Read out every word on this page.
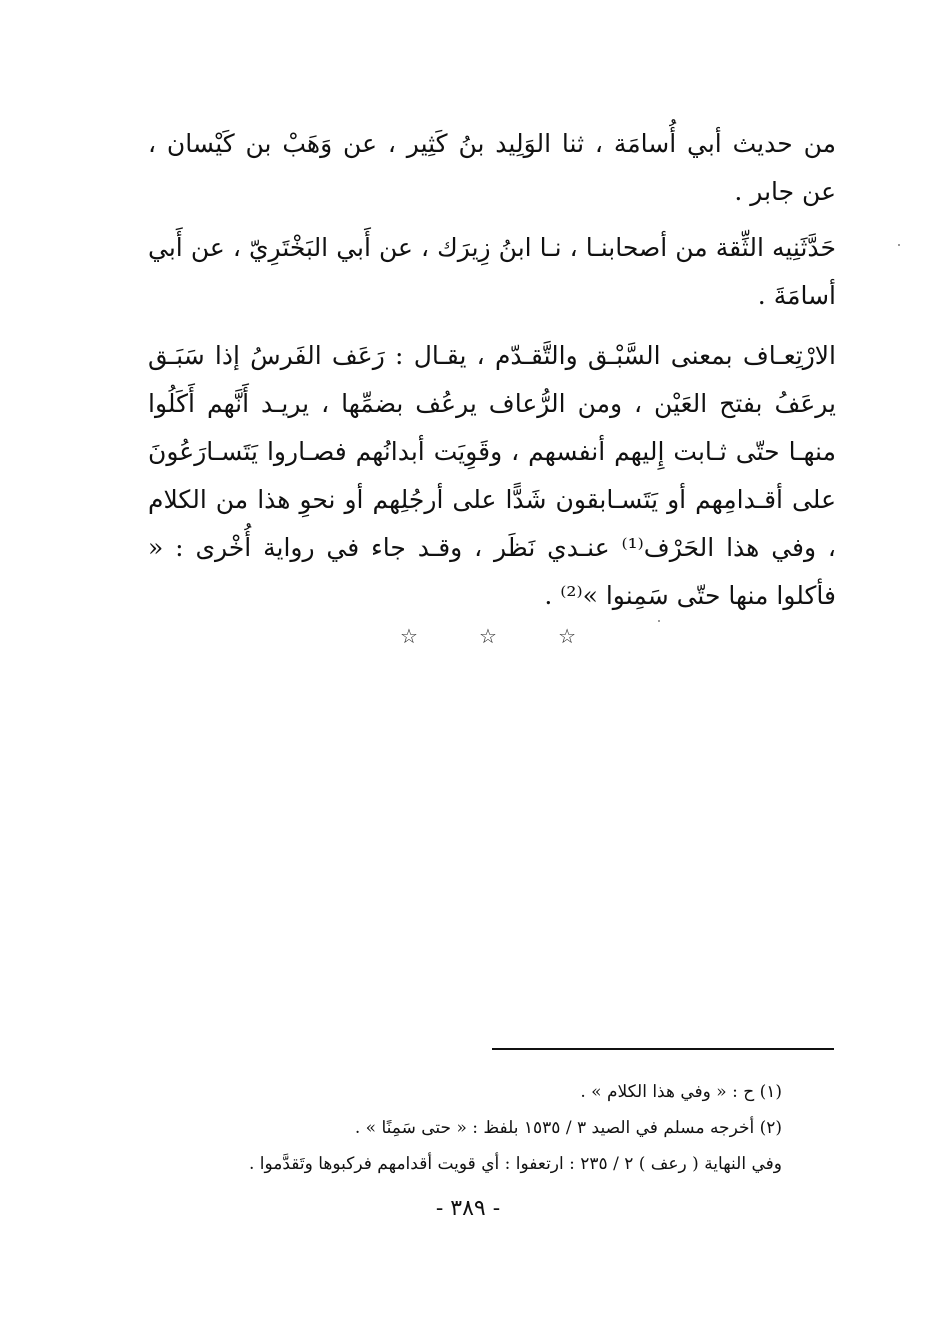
من حديث أبي أُسامَة ، ثنا الوَلِيد بنُ كَثِير ، عن وَهَبْ بن كَيْسان ، عن جابر .

حَدَّثَنِيه الثِّقة من أصحابنـا ، نـا ابنُ زِيرَك ، عن أَبي البَخْتَرِيّ ، عن أَبي أسامَةَ .

الارْتِعـاف بمعنى السَّبْـق والتَّقـدّم ، يقـال : رَعَف الفَرسُ إذا سَبَـق يرعَفُ بفتح العَيْن ، ومن الرُّعاف يرعُف بضمِّها ، يريـد أَنَّهم أَكَلُوا منهـا حتّى ثـابت إِليهم أنفسهم ، وقَوِيَت أبدانُهم فصـاروا يَتَسـارَعُونَ على أقـدامِهم أو يَتَسـابقون شَدًّا على أرجُلِهم أو نحوِ هذا من الكلام ، وفي هذا الحَرْف⁽¹⁾ عنـدي نَظَر ، وقـد جاء في رواية أُخْرى : « فأكلوا منها حتّى سَمِنوا »⁽²⁾ .

☆
☆
☆
(١) ح : « وفي هذا الكلام » .
(٢) أخرجه مسلم في الصيد ٣ / ١٥٣٥ بلفظ : « حتى سَمِنًا » .
وفي النهاية ( رعف ) ٢ / ٢٣٥ : ارتعفوا : أي قويت أقدامهم فركبوها وتَقدَّموا .
- ٣٨٩ -
